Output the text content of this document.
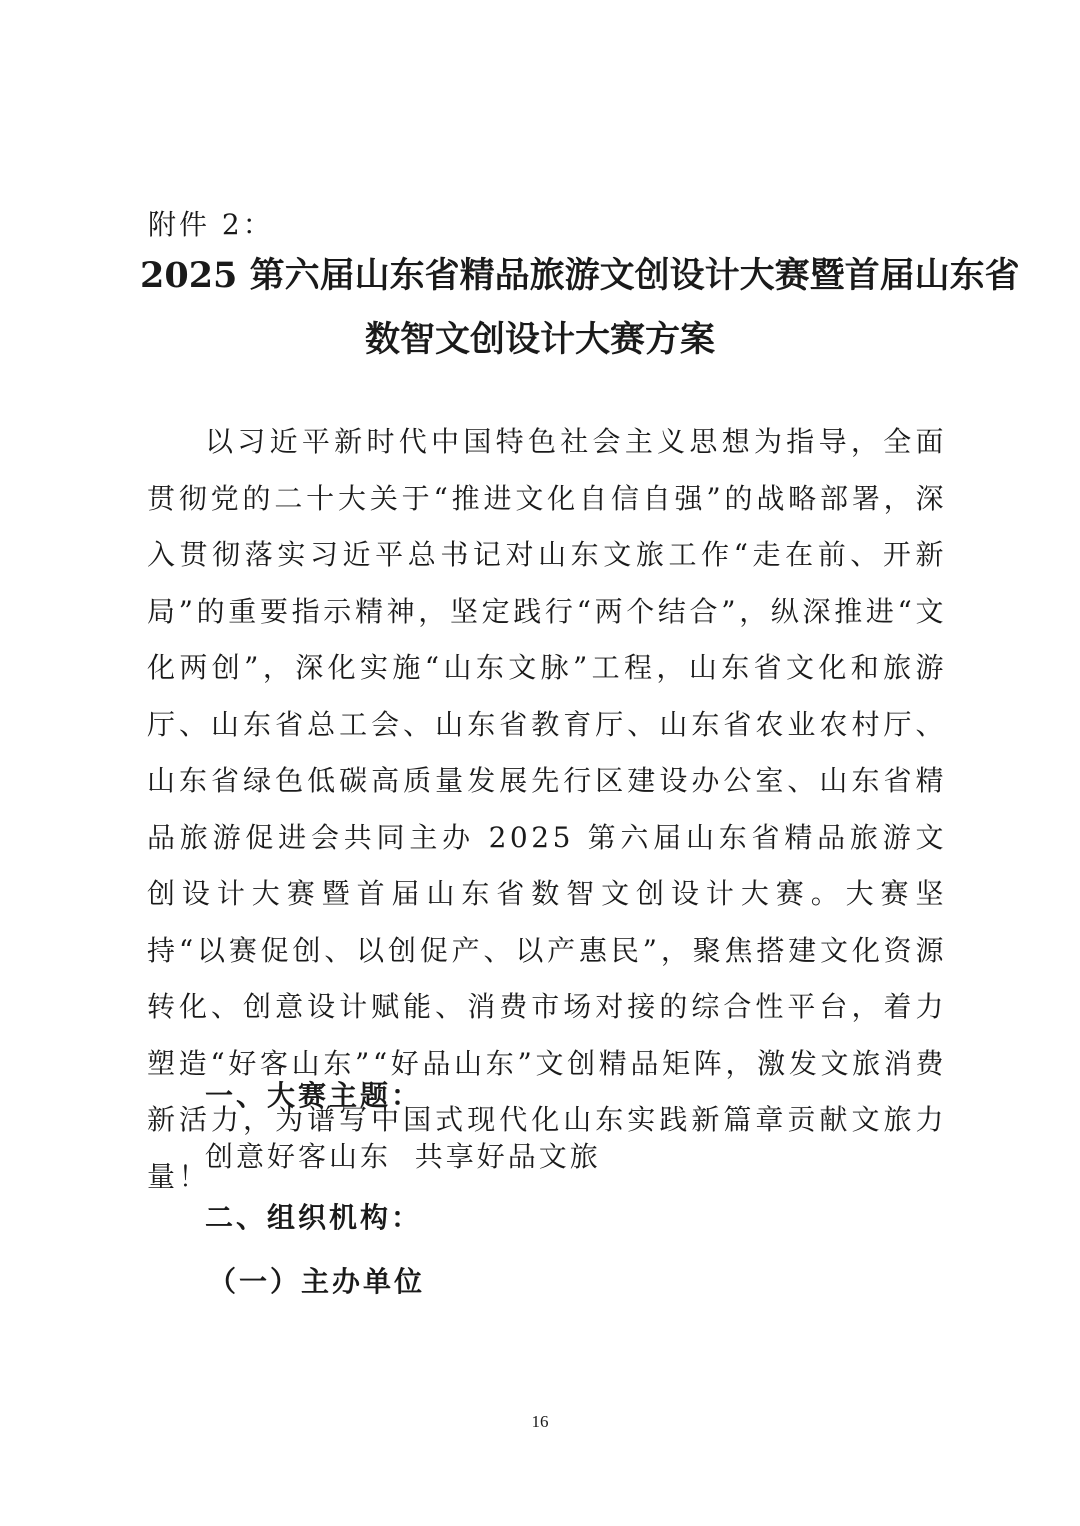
附件 2：
2025 第六届山东省精品旅游文创设计大赛暨首届山东省
数智文创设计大赛方案
以习近平新时代中国特色社会主义思想为指导，全面贯彻党的二十大关于“推进文化自信自强”的战略部署，深入贯彻落实习近平总书记对山东文旅工作“走在前、开新局”的重要指示精神，坚定践行“两个结合”，纵深推进“文化两创”，深化实施“山东文脉”工程，山东省文化和旅游厅、山东省总工会、山东省教育厅、山东省农业农村厅、山东省绿色低碳高质量发展先行区建设办公室、山东省精品旅游促进会共同主办 2025 第六届山东省精品旅游文创设计大赛暨首届山东省数智文创设计大赛。大赛坚持“以赛促创、以创促产、以产惠民”，聚焦搭建文化资源转化、创意设计赋能、消费市场对接的综合性平台，着力塑造“好客山东”“好品山东”文创精品矩阵，激发文旅消费新活力，为谱写中国式现代化山东实践新篇章贡献文旅力量！
一、大赛主题：
创意好客山东  共享好品文旅
二、组织机构：
（一）主办单位
16
